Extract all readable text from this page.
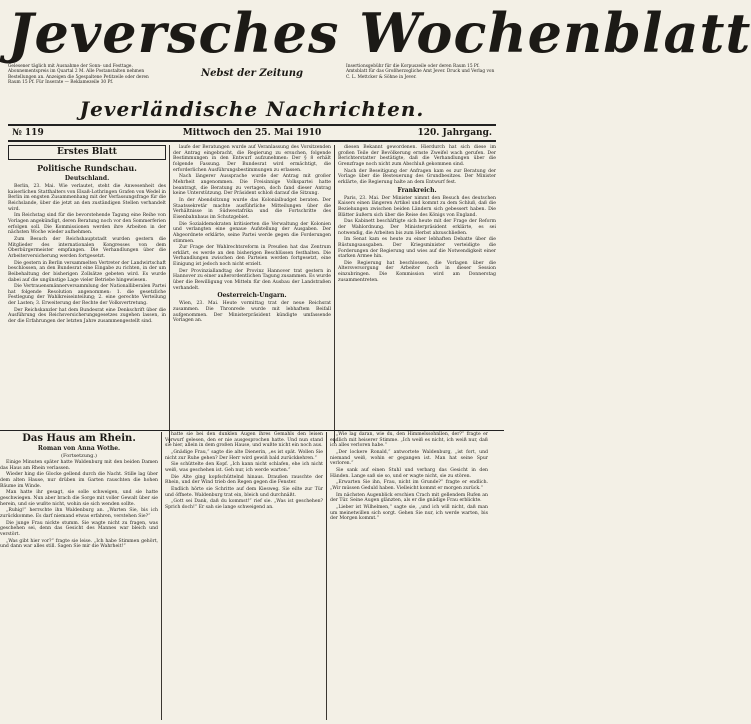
Jeversches Wochenblatt
Gelesener täglich mit Ausnahme der Sonn- und Festtage. Abonnementspreis im Quartal 2 M. Alle Postanstalten nehmen Bestellungen an. Anzeigen die 5gespaltene Petitzeile oder deren Raum 15 Pf. Für Inserate — Reklamezeile 30 Pf.
Nebst der Zeitung
Insertionsgebühr für die Korpuszeile oder deren Raum 15 Pf. Amtsblatt für das Großherzogliche Amt Jever. Druck und Verlag von C. L. Mettcker & Söhne in Jever.
Jeverländische Nachrichten.
№ 119	Mittwoch den 25. Mai 1910	120. Jahrgang.
Erstes Blatt
Politische Rundschau.
Deutschland.

Berlin, 23. Mai. Wie verlautet, steht die Anwesenheit des kaiserlichen Statthalters von Elsaß-Lothringen Grafen von Wedel in Berlin im engsten Zusammenhang mit der Verfassungsfrage für die Reichslande, über die jetzt an den zuständigen Stellen verhandelt wird.

Im Reichstag sind für die bevorstehende Tagung eine Reihe von Vorlagen angekündigt, deren Beratung noch vor den Sommerferien erfolgen soll. Die Kommissionen werden ihre Arbeiten in der nächsten Woche wieder aufnehmen.

Zum Besuch der Reichshauptstadt wurden gestern die Mitglieder des internationalen Kongresses von dem Oberbürgermeister empfangen. Die Verhandlungen über die Arbeiterversicherung werden fortgesetzt.

Die gestern in Berlin versammelten Vertreter der Landwirtschaft beschlossen, an den Bundesrat eine Eingabe zu richten, in der um Beibehaltung der bisherigen Zollsätze gebeten wird. Es wurde dabei auf die ungünstige Lage vieler Betriebe hingewiesen.

Die Vertrauensmännerversammlung der Nationalliberalen Partei hat folgende Resolution angenommen: 1. die gesetzliche Festlegung der Wahlkreiseinteilung; 2. eine gerechte Verteilung der Lasten; 3. Erweiterung der Rechte der Volksvertretung.

Der Reichskanzler hat dem Bundesrat eine Denkschrift über die Ausführung des Reichsversicherungsgesetzes zugehen lassen, in der die Erfahrungen der letzten Jahre zusammengestellt sind.

laufe der Beratungen wurde auf Veranlassung des Vorsitzenden der Antrag eingebracht, die Regierung zu ersuchen, folgende Bestimmungen in den Entwurf aufzunehmen: Der § 8 erhält folgende Fassung. Der Bundesrat wird ermächtigt, die erforderlichen Ausführungsbestimmungen zu erlassen.

Nach längerer Aussprache wurde der Antrag mit großer Mehrheit angenommen. Die Freisinnige Volkspartei hatte beantragt, die Beratung zu vertagen, doch fand dieser Antrag keine Unterstützung. Der Präsident schloß darauf die Sitzung.

In der Abendsitzung wurde das Kolonialbudget beraten. Der Staatssekretär machte ausführliche Mitteilungen über die Verhältnisse in Südwestafrika und die Fortschritte des Eisenbahnbaus im Schutzgebiet.

Die Sozialdemokraten kritisierten die Verwaltung der Kolonien und verlangten eine genaue Aufstellung der Ausgaben. Der Abgeordnete erklärte, seine Partei werde gegen die Forderungen stimmen.

Zur Frage der Wahlrechtsreform in Preußen hat das Zentrum erklärt, es werde an den bisherigen Beschlüssen festhalten. Die Verhandlungen zwischen den Parteien werden fortgesetzt, eine Einigung ist jedoch noch nicht erzielt.

Der Provinziallandtag der Provinz Hannover trat gestern in Hannover zu einer außerordentlichen Tagung zusammen. Es wurde über die Bewilligung von Mitteln für den Ausbau der Landstraßen verhandelt.

Oesterreich-Ungarn.

Wien, 23. Mai. Heute vormittag trat der neue Reichsrat zusammen. Die Thronrede wurde mit lebhaftem Beifall aufgenommen. Der Ministerpräsident kündigte umfassende Vorlagen an.

diesen Bekannt gewordenen. Hierdurch hat sich diese im großen Teile der Bevölkerung ernste Zweifel wach gerufen. Der Berichterstatter bestätigte, daß die Verhandlungen über die Grenzfrage noch nicht zum Abschluß gekommen sind.

Nach der Beseitigung der Anfragen kam es zur Beratung der Vorlage über die Besteuerung des Grundbesitzes. Der Minister erklärte, die Regierung halte an dem Entwurf fest.

Frankreich.

Paris, 23. Mai. Der Minister nimmt den Besuch des deutschen Kaisers einen längeren Artikel und kommt zu dem Schluß, daß die Beziehungen zwischen beiden Ländern sich gebessert haben. Die Blätter äußern sich über die Reise des Königs von England.

Das Kabinett beschäftigte sich heute mit der Frage der Reform der Wahlordnung. Der Ministerpräsident erklärte, es sei notwendig, die Arbeiten bis zum Herbst abzuschließen.

Im Senat kam es heute zu einer lebhaften Debatte über die Rüstungsausgaben. Der Kriegsminister verteidigte die Forderungen der Regierung und wies auf die Notwendigkeit einer starken Armee hin.

Die Regierung hat beschlossen, die Vorlagen über die Altersversorgung der Arbeiter noch in dieser Session einzubringen. Die Kommission wird am Donnerstag zusammentreten.

Das Haus am Rhein.
Roman von Anna Wothe.
(Fortsetzung.)

Einige Minuten später hatte Waldenburg mit den beiden Damen das Haus am Rhein verlassen.

Wieder hing die Glocke gellend durch die Nacht. Stille lag über dem alten Hause, nur drüben im Garten rauschten die hohen Bäume im Winde.

Man hatte ihr gesagt, sie solle schweigen, und sie hatte geschwiegen. Nun aber brach die Sorge mit voller Gewalt über sie herein, und sie wußte nicht, wohin sie sich wenden sollte.

„Ruhig!“ herrschte ihn Waldenburg an. „Warten Sie, bis ich zurückkomme. Es darf niemand etwas erfahren, verstehen Sie?“

Die junge Frau nickte stumm. Sie wagte nicht zu fragen, was geschehen sei, denn das Gesicht des Mannes war bleich und verstört.

„Was gibt hier vor?“ fragte sie leise. „Ich habe Stimmen gehört, und dann war alles still. Sagen Sie mir die Wahrheit!“

hatte sie bei den dunklen Augen ihres Gemahls den leisen Vorwurf gelesen, den er nie ausgesprochen hatte. Und nun stand sie hier, allein in dem großen Hause, und wußte nicht ein noch aus.

„Gnädige Frau,“ sagte die alte Dienerin, „es ist spät. Wollen Sie nicht zur Ruhe gehen? Der Herr wird gewiß bald zurückkehren.“

Sie schüttelte den Kopf. „Ich kann nicht schlafen, ehe ich nicht weiß, was geschehen ist. Geh nur, ich werde warten.“

Die Alte ging kopfschüttelnd hinaus. Draußen rauschte der Rhein, und der Wind trieb den Regen gegen die Fenster.

Endlich hörte sie Schritte auf dem Kiesweg. Sie eilte zur Tür und öffnete. Waldenburg trat ein, bleich und durchnäßt.

„Gott sei Dank, daß du kommst!“ rief sie. „Was ist geschehen? Sprich doch!“ Er sah sie lange schweigend an.

„Wie lag daran, wie du, den Himmelssohnllen, der?“ fragte er endlich mit heiserer Stimme. „Ich weiß es nicht, ich weiß nur, daß ich alles verloren habe.“

„Der lockere Ronald,“ antwortete Waldenburg, „ist fort, und niemand weiß, wohin er gegangen ist. Man hat seine Spur verloren.“

Sie sank auf einen Stuhl und verbarg das Gesicht in den Händen. Lange saß sie so, und er wagte nicht, sie zu stören.

„Erwarten Sie ihn, Frau, nicht im Grunde?“ fragte er endlich. „Wir müssen Geduld haben. Vielleicht kommt er morgen zurück.“

Im nächsten Augenblick erschien Crach mit gellendem Rufen an der Tür. Seine Augen glänzten, als er die gnädige Frau erblickte.

„Lieber ist Wilhelmen,“ sagte sie, „und ich will nicht, daß man um meinetwillen sich sorgt. Gehen Sie nur, ich werde warten, bis der Morgen kommt.“
